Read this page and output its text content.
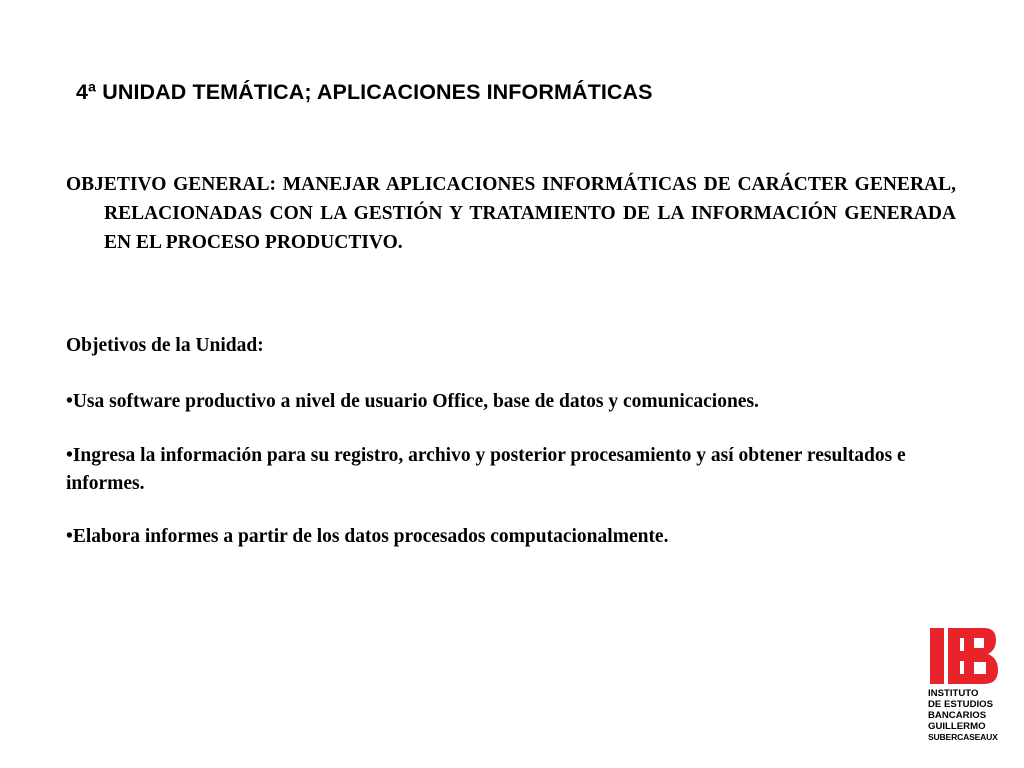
4ª UNIDAD TEMÁTICA; APLICACIONES INFORMÁTICAS

OBJETIVO GENERAL: MANEJAR APLICACIONES INFORMÁTICAS DE CARÁCTER GENERAL, RELACIONADAS CON LA GESTIÓN Y TRATAMIENTO DE LA INFORMACIÓN GENERADA EN EL PROCESO PRODUCTIVO.

Objetivos de la Unidad:

•Usa software productivo a nivel de usuario Office, base de datos y comunicaciones.

•Ingresa la información para su registro, archivo y posterior procesamiento y así obtener resultados e informes.

•Elabora informes a partir de los datos procesados computacionalmente.

INSTITUTO
DE ESTUDIOS
BANCARIOS
GUILLERMO
SUBERCASEAUX
